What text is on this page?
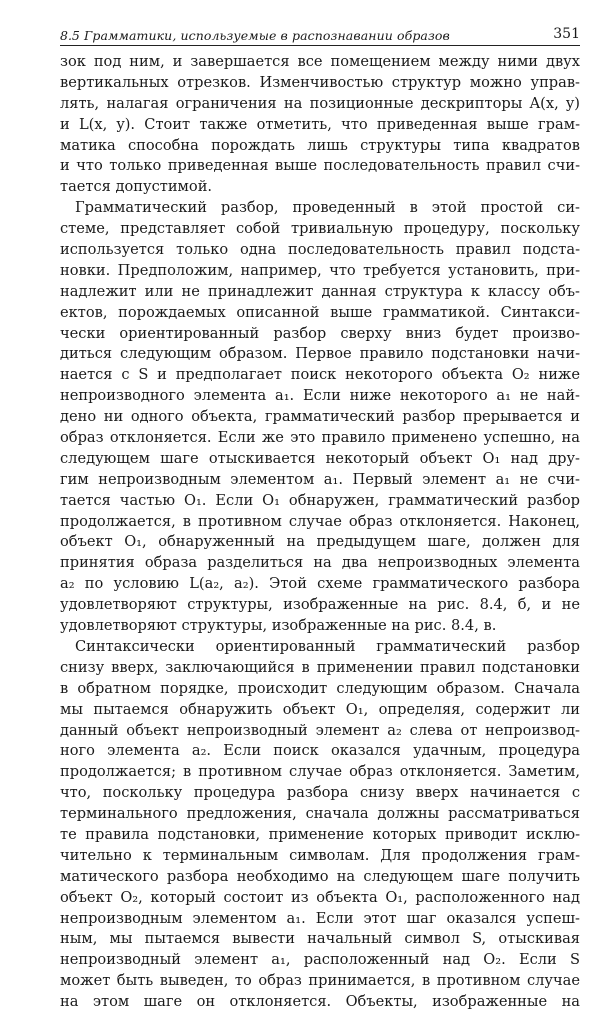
8.5 Грамматики, используемые в распознавании образов	351
зок под ним, и завершается все помещением между ними двух
вертикальных отрезков. Изменчивостью структур можно управ-
лять, налагая ограничения на позиционные дескрипторы A(x, y)
и L(x, y). Стоит также отметить, что приведенная выше грам-
матика способна порождать лишь структуры типа квадратов
и что только приведенная выше последовательность правил счи-
тается допустимой.
Грамматический разбор, проведенный в этой простой си-
стеме, представляет собой тривиальную процедуру, поскольку
используется только одна последовательность правил подста-
новки. Предположим, например, что требуется установить, при-
надлежит или не принадлежит данная структура к классу объ-
ектов, порождаемых описанной выше грамматикой. Синтакси-
чески ориентированный разбор сверху вниз будет произво-
диться следующим образом. Первое правило подстановки начи-
нается с S и предполагает поиск некоторого объекта O₂ ниже
непроизводного элемента a₁. Если ниже некоторого a₁ не най-
дено ни одного объекта, грамматический разбор прерывается и
образ отклоняется. Если же это правило применено успешно, на
следующем шаге отыскивается некоторый объект O₁ над дру-
гим непроизводным элементом a₁. Первый элемент a₁ не счи-
тается частью O₁. Если O₁ обнаружен, грамматический разбор
продолжается, в противном случае образ отклоняется. Наконец,
объект O₁, обнаруженный на предыдущем шаге, должен для
принятия образа разделиться на два непроизводных элемента
a₂ по условию L(a₂, a₂). Этой схеме грамматического разбора
удовлетворяют структуры, изображенные на рис. 8.4, б, и не
удовлетворяют структуры, изображенные на рис. 8.4, в.
Синтаксически ориентированный грамматический разбор
снизу вверх, заключающийся в применении правил подстановки
в обратном порядке, происходит следующим образом. Сначала
мы пытаемся обнаружить объект O₁, определяя, содержит ли
данный объект непроизводный элемент a₂ слева от непроизвод-
ного элемента a₂. Если поиск оказался удачным, процедура
продолжается; в противном случае образ отклоняется. Заметим,
что, поскольку процедура разбора снизу вверх начинается с
терминального предложения, сначала должны рассматриваться
те правила подстановки, применение которых приводит исклю-
чительно к терминальным символам. Для продолжения грам-
матического разбора необходимо на следующем шаге получить
объект O₂, который состоит из объекта O₁, расположенного над
непроизводным элементом a₁. Если этот шаг оказался успеш-
ным, мы пытаемся вывести начальный символ S, отыскивая
непроизводный элемент a₁, расположенный над O₂. Если S
может быть выведен, то образ принимается, в противном случае
на этом шаге он отклоняется. Объекты, изображенные на
